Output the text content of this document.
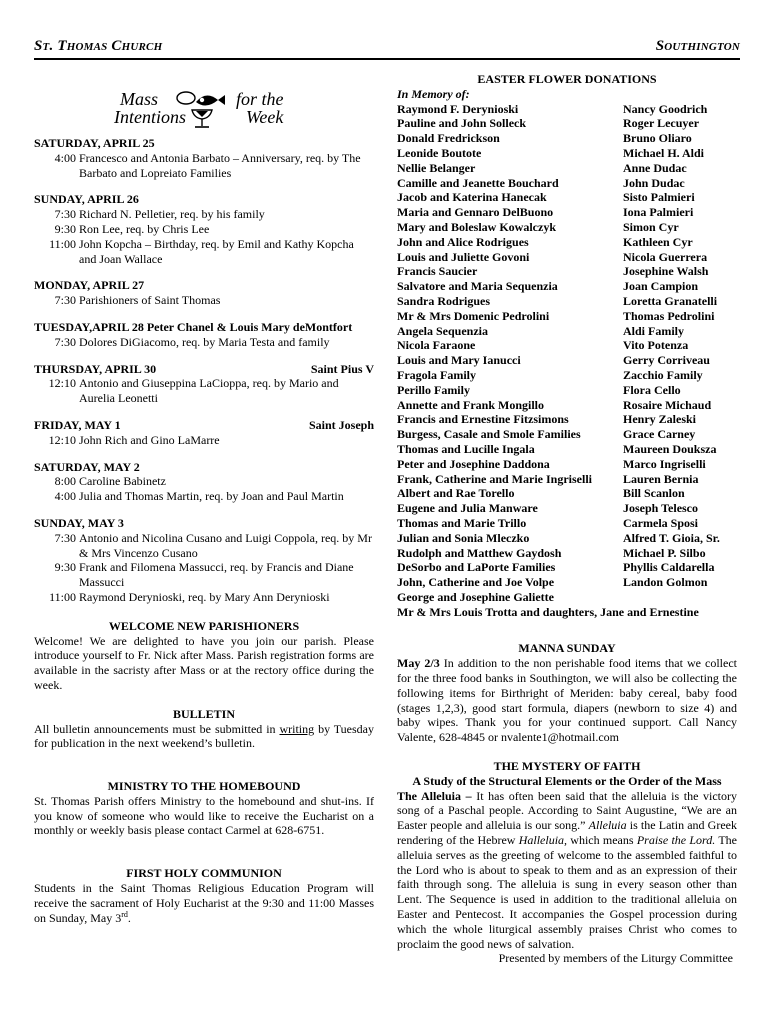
St. Thomas Church	Southington
Mass
Intentions
for the
Week
SATURDAY, APRIL 25
4:00 Francesco and Antonia Barbato – Anniversary, req. by The Barbato and Lopreiato Families
SUNDAY, APRIL 26
7:30 Richard N. Pelletier, req. by his family
9:30 Ron Lee, req. by Chris Lee
11:00 John Kopcha – Birthday, req. by Emil and Kathy Kopcha and Joan Wallace
MONDAY, APRIL 27
7:30 Parishioners of Saint Thomas
TUESDAY,APRIL 28 Peter Chanel & Louis Mary deMontfort
7:30 Dolores DiGiacomo, req. by Maria Testa and family
THURSDAY, APRIL 30	Saint Pius V
12:10 Antonio and Giuseppina LaCioppa, req. by Mario and Aurelia Leonetti
FRIDAY, MAY 1	Saint Joseph
12:10 John Rich and Gino LaMarre
SATURDAY, MAY 2
8:00 Caroline Babinetz
4:00 Julia and Thomas Martin, req. by Joan and Paul Martin
SUNDAY, MAY 3
7:30 Antonio and Nicolina Cusano and Luigi Coppola, req. by Mr & Mrs Vincenzo Cusano
9:30 Frank and Filomena Massucci, req. by Francis and Diane Massucci
11:00 Raymond Derynioski, req. by Mary Ann Derynioski
WELCOME NEW PARISHIONERS
Welcome! We are delighted to have you join our parish. Please introduce yourself to Fr. Nick after Mass. Parish registration forms are available in the sacristy after Mass or at the rectory office during the week.
BULLETIN
All bulletin announcements must be submitted in writing by Tuesday for publication in the next weekend’s bulletin.
MINISTRY TO THE HOMEBOUND
St. Thomas Parish offers Ministry to the homebound and shut-ins. If you know of someone who would like to receive the Eucharist on a monthly or weekly basis please contact Carmel at 628-6751.
FIRST HOLY COMMUNION
Students in the Saint Thomas Religious Education Program will receive the sacrament of Holy Eucharist at the 9:30 and 11:00 Masses on Sunday, May 3rd.
EASTER FLOWER DONATIONS
In Memory of:
Raymond F. Derynioski	Nancy Goodrich
Pauline and John Solleck	Roger Lecuyer
Donald Fredrickson	Bruno Oliaro
Leonide Boutote	Michael H. Aldi
Nellie Belanger	Anne Dudac
Camille and Jeanette Bouchard	John Dudac
Jacob and Katerina Hanecak	Sisto Palmieri
Maria and Gennaro DelBuono	Iona Palmieri
Mary and Boleslaw Kowalczyk	Simon Cyr
John and Alice Rodrigues	Kathleen Cyr
Louis and Juliette Govoni	Nicola Guerrera
Francis Saucier	Josephine Walsh
Salvatore and Maria Sequenzia	Joan Campion
Sandra Rodrigues	Loretta Granatelli
Mr & Mrs Domenic Pedrolini	Thomas Pedrolini
Angela Sequenzia	Aldi Family
Nicola Faraone	Vito Potenza
Louis and Mary Ianucci	Gerry Corriveau
Fragola Family	Zacchio Family
Perillo Family	Flora Cello
Annette and Frank Mongillo	Rosaire Michaud
Francis and Ernestine Fitzsimons	Henry Zaleski
Burgess, Casale and Smole Families	Grace Carney
Thomas and Lucille Ingala	Maureen Douksza
Peter and Josephine Daddona	Marco Ingriselli
Frank, Catherine and Marie Ingriselli	Lauren Bernia
Albert and Rae Torello	Bill Scanlon
Eugene and Julia Manware	Joseph Telesco
Thomas and Marie Trillo	Carmela Sposi
Julian and Sonia Mleczko	Alfred T. Gioia, Sr.
Rudolph and Matthew Gaydosh	Michael P. Silbo
DeSorbo and LaPorte Families	Phyllis Caldarella
John, Catherine and Joe Volpe	Landon Golmon
George and Josephine Galiette
Mr & Mrs Louis Trotta and daughters, Jane and Ernestine
MANNA SUNDAY
May 2/3 In addition to the non perishable food items that we collect for the three food banks in Southington, we will also be collecting the following items for Birthright of Meriden: baby cereal, baby food (stages 1,2,3), good start formula, diapers (newborn to size 4) and baby wipes. Thank you for your continued support. Call Nancy Valente, 628-4845 or nvalente1@hotmail.com
THE MYSTERY OF FAITH
A Study of the Structural Elements or the Order of the Mass
The Alleluia – It has often been said that the alleluia is the victory song of a Paschal people. According to Saint Augustine, “We are an Easter people and alleluia is our song.” Alleluia is the Latin and Greek rendering of the Hebrew Halleluia, which means Praise the Lord. The alleluia serves as the greeting of welcome to the assembled faithful to the Lord who is about to speak to them and as an expression of their faith through song. The alleluia is sung in every season other than Lent. The Sequence is used in addition to the traditional alleluia on Easter and Pentecost. It accompanies the Gospel procession during which the whole liturgical assembly praises Christ who comes to proclaim the good news of salvation.
Presented by members of the Liturgy Committee
